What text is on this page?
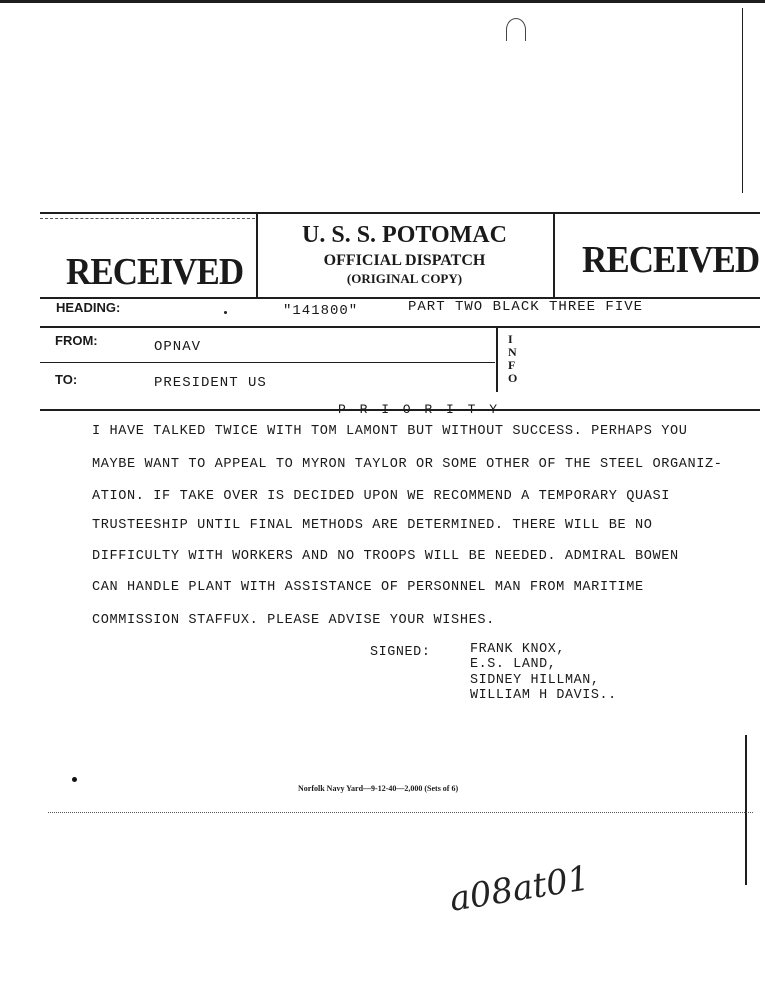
RECEIVED	RECEIVED
U. S. S. POTOMAC
OFFICIAL DISPATCH
(ORIGINAL COPY)
HEADING:	"141800"	PART TWO BLACK THREE FIVE
FROM:	OPNAV
TO:	PRESIDENT US
I
N
F
O
P R I O R I T Y
I HAVE TALKED TWICE WITH TOM LAMONT BUT WITHOUT SUCCESS. PERHAPS YOU
MAYBE WANT TO APPEAL TO MYRON TAYLOR OR SOME OTHER OF THE STEEL ORGANIZ-
ATION. IF TAKE OVER IS DECIDED UPON WE RECOMMEND A TEMPORARY QUASI
TRUSTEESHIP UNTIL FINAL METHODS ARE DETERMINED. THERE WILL BE NO
DIFFICULTY WITH WORKERS AND NO TROOPS WILL BE NEEDED. ADMIRAL BOWEN
CAN HANDLE PLANT WITH ASSISTANCE OF PERSONNEL MAN FROM MARITIME
COMMISSION STAFFUX. PLEASE ADVISE YOUR WISHES.
SIGNED:	FRANK KNOX,
E.S. LAND,
SIDNEY HILLMAN,
WILLIAM H DAVIS..
Norfolk Navy Yard—9-12-40—2,000 (Sets of 6)
a08at01
